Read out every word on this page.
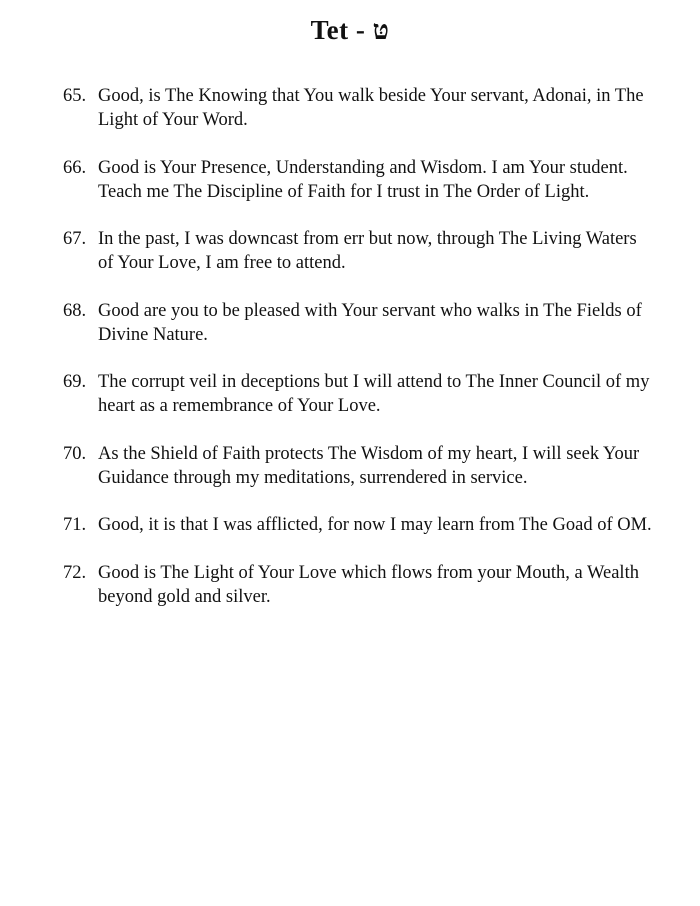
Tet - טּ
65. Good, is The Knowing that You walk beside Your servant, Adonai, in The Light of Your Word.
66. Good is Your Presence, Understanding and Wisdom. I am Your student. Teach me The Discipline of Faith for I trust in The Order of Light.
67. In the past, I was downcast from err but now, through The Living Waters of Your Love, I am free to attend.
68. Good are you to be pleased with Your servant who walks in The Fields of Divine Nature.
69. The corrupt veil in deceptions but I will attend to The Inner Council of my heart as a remembrance of Your Love.
70. As the Shield of Faith protects The Wisdom of my heart, I will seek Your Guidance through my meditations, surrendered in service.
71. Good, it is that I was afflicted, for now I may learn from The Goad of OM.
72. Good is The Light of Your Love which flows from your Mouth, a Wealth beyond gold and silver.
